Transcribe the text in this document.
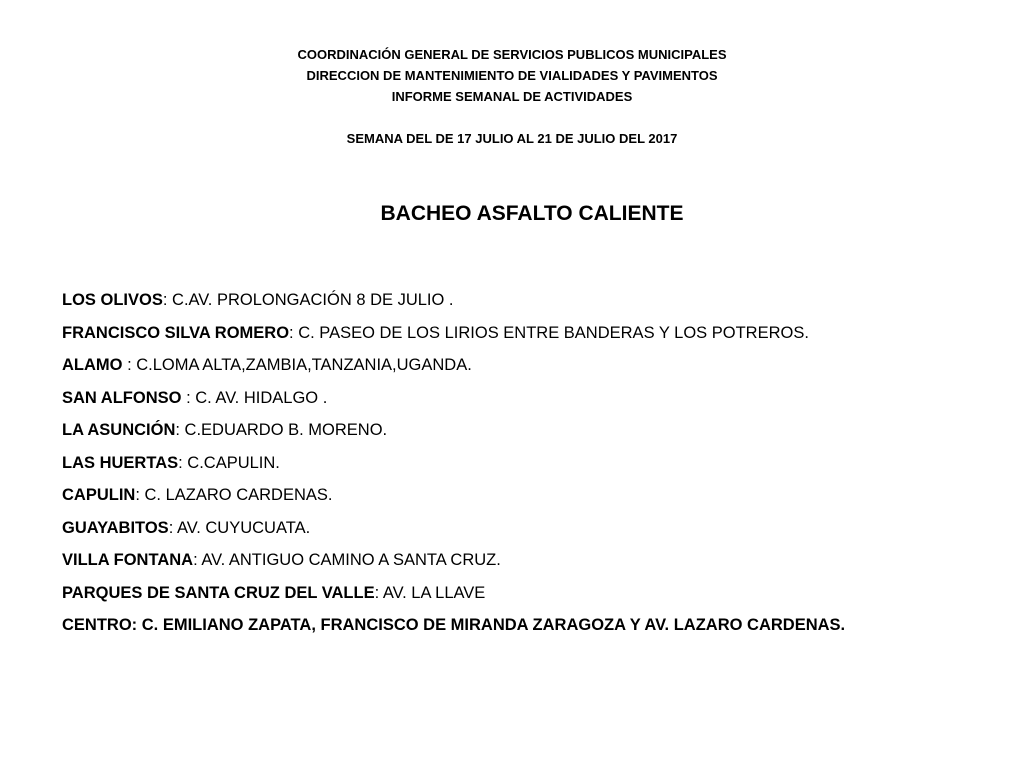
COORDINACIÓN GENERAL DE SERVICIOS PUBLICOS MUNICIPALES
DIRECCION DE MANTENIMIENTO DE VIALIDADES Y PAVIMENTOS
INFORME SEMANAL DE ACTIVIDADES
SEMANA DEL DE 17 JULIO AL 21 DE JULIO DEL 2017
BACHEO ASFALTO CALIENTE
LOS OLIVOS: C.AV. PROLONGACIÓN 8 DE JULIO .
FRANCISCO SILVA ROMERO: C. PASEO DE LOS LIRIOS ENTRE BANDERAS Y LOS POTREROS.
ALAMO : C.LOMA ALTA,ZAMBIA,TANZANIA,UGANDA.
SAN ALFONSO : C. AV. HIDALGO .
LA ASUNCIÓN: C.EDUARDO B. MORENO.
LAS HUERTAS: C.CAPULIN.
CAPULIN: C. LAZARO CARDENAS.
GUAYABITOS: AV. CUYUCUATA.
VILLA FONTANA: AV. ANTIGUO CAMINO A SANTA CRUZ.
PARQUES DE SANTA CRUZ DEL VALLE: AV. LA LLAVE
CENTRO: C. EMILIANO ZAPATA, FRANCISCO DE MIRANDA ZARAGOZA Y AV. LAZARO CARDENAS.
